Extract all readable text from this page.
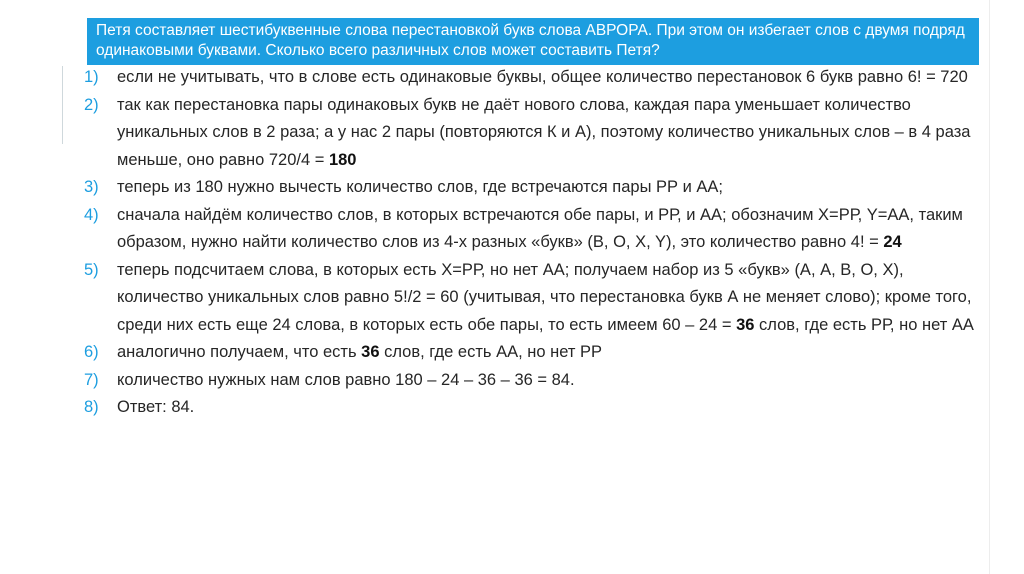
Петя составляет шестибуквенные слова перестановкой букв слова АВРОРА. При этом он избегает слов с двумя подряд одинаковыми буквами. Сколько всего различных слов может составить Петя?
1)	если не учитывать, что в слове есть одинаковые буквы, общее количество перестановок 6 букв равно 6! = 720
2)	так как перестановка пары одинаковых букв не даёт нового слова, каждая пара уменьшает количество уникальных слов в 2 раза; а у нас 2 пары (повторяются К и А), поэтому количество уникальных слов – в 4 раза меньше, оно равно 720/4 = 180
3)	теперь из 180 нужно вычесть количество слов, где встречаются пары РР и АА;
4)	сначала найдём количество слов, в которых встречаются обе пары, и РР, и АА; обозначим X=РР, Y=АА, таким образом, нужно найти количество слов из 4-х разных «букв» (В, О, X, Y), это количество равно 4! = 24
5)	теперь подсчитаем слова, в которых есть X=РР, но нет АА; получаем набор из 5 «букв» (А, А, В, О, X), количество уникальных слов равно 5!/2 = 60 (учитывая, что перестановка букв А не меняет слово); кроме того, среди них есть еще 24 слова, в которых есть обе пары, то есть имеем 60 – 24 = 36 слов, где есть РР, но нет АА
6)	аналогично получаем, что есть 36 слов, где есть АА, но нет РР
7)	количество нужных нам слов равно 180 – 24 – 36 – 36 = 84.
8)	Ответ: 84.
